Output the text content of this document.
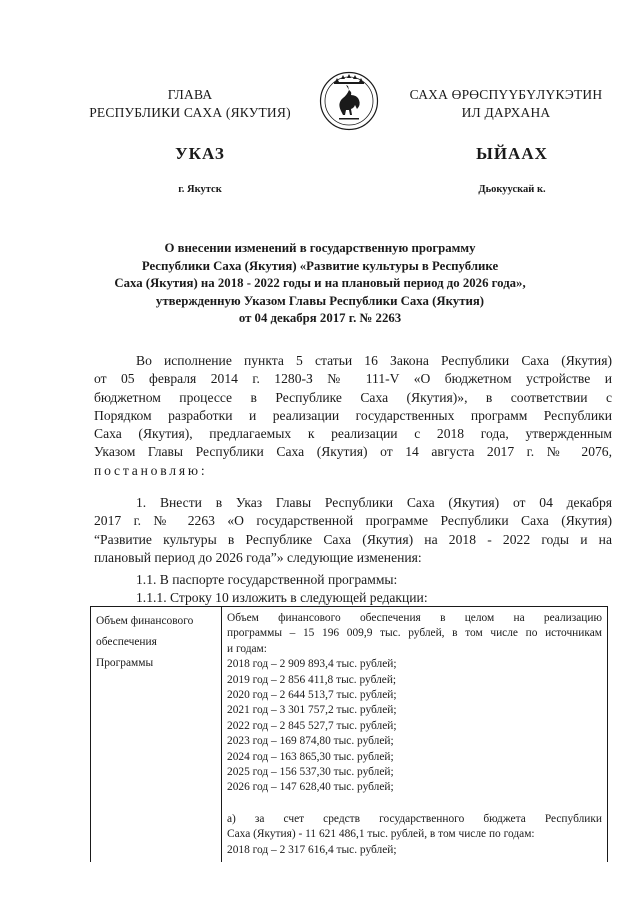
ГЛАВА
РЕСПУБЛИКИ САХА (ЯКУТИЯ)
САХА ӨРӨСПҮҮБҮЛҮКЭТИН
ИЛ ДАРХАНА
УКАЗ	ЫЙААХ
г. Якутск	Дьокуускай к.
О внесении изменений в государственную программу
Республики Саха (Якутия) «Развитие культуры в Республике
Саха (Якутия) на 2018 - 2022 годы и на плановый период до 2026 года»,
утвержденную Указом Главы Республики Саха (Якутия)
от 04 декабря 2017 г. № 2263
Во исполнение пункта 5 статьи 16 Закона Республики Саха (Якутия)
от 05 февраля 2014 г. 1280-З № 111-V «О бюджетном устройстве и
бюджетном процессе в Республике Саха (Якутия)», в соответствии с
Порядком разработки и реализации государственных программ Республики
Саха (Якутия), предлагаемых к реализации с 2018 года, утвержденным
Указом Главы Республики Саха (Якутия) от 14 августа 2017 г. № 2076,
постановляю:
1. Внести в Указ Главы Республики Саха (Якутия) от 04 декабря
2017 г. № 2263 «О государственной программе Республики Саха (Якутия)
“Развитие культуры в Республике Саха (Якутия) на 2018 - 2022 годы и на
плановый период до 2026 года”» следующие изменения:
1.1. В паспорте государственной программы:
1.1.1. Строку 10 изложить в следующей редакции:
Объем финансового
обеспечения
Программы

Объем финансового обеспечения в целом на реализацию
программы – 15 196 009,9 тыс. рублей, в том числе по источникам
и годам:
2018 год – 2 909 893,4 тыс. рублей;
2019 год – 2 856 411,8 тыс. рублей;
2020 год – 2 644 513,7 тыс. рублей;
2021 год – 3 301 757,2 тыс. рублей;
2022 год – 2 845 527,7 тыс. рублей;
2023 год – 169 874,80 тыс. рублей;
2024 год – 163 865,30 тыс. рублей;
2025 год – 156 537,30 тыс. рублей;
2026 год – 147 628,40 тыс. рублей;
а) за счет средств государственного бюджета Республики
Саха (Якутия) - 11 621 486,1 тыс. рублей, в том числе по годам:
2018 год – 2 317 616,4 тыс. рублей;
